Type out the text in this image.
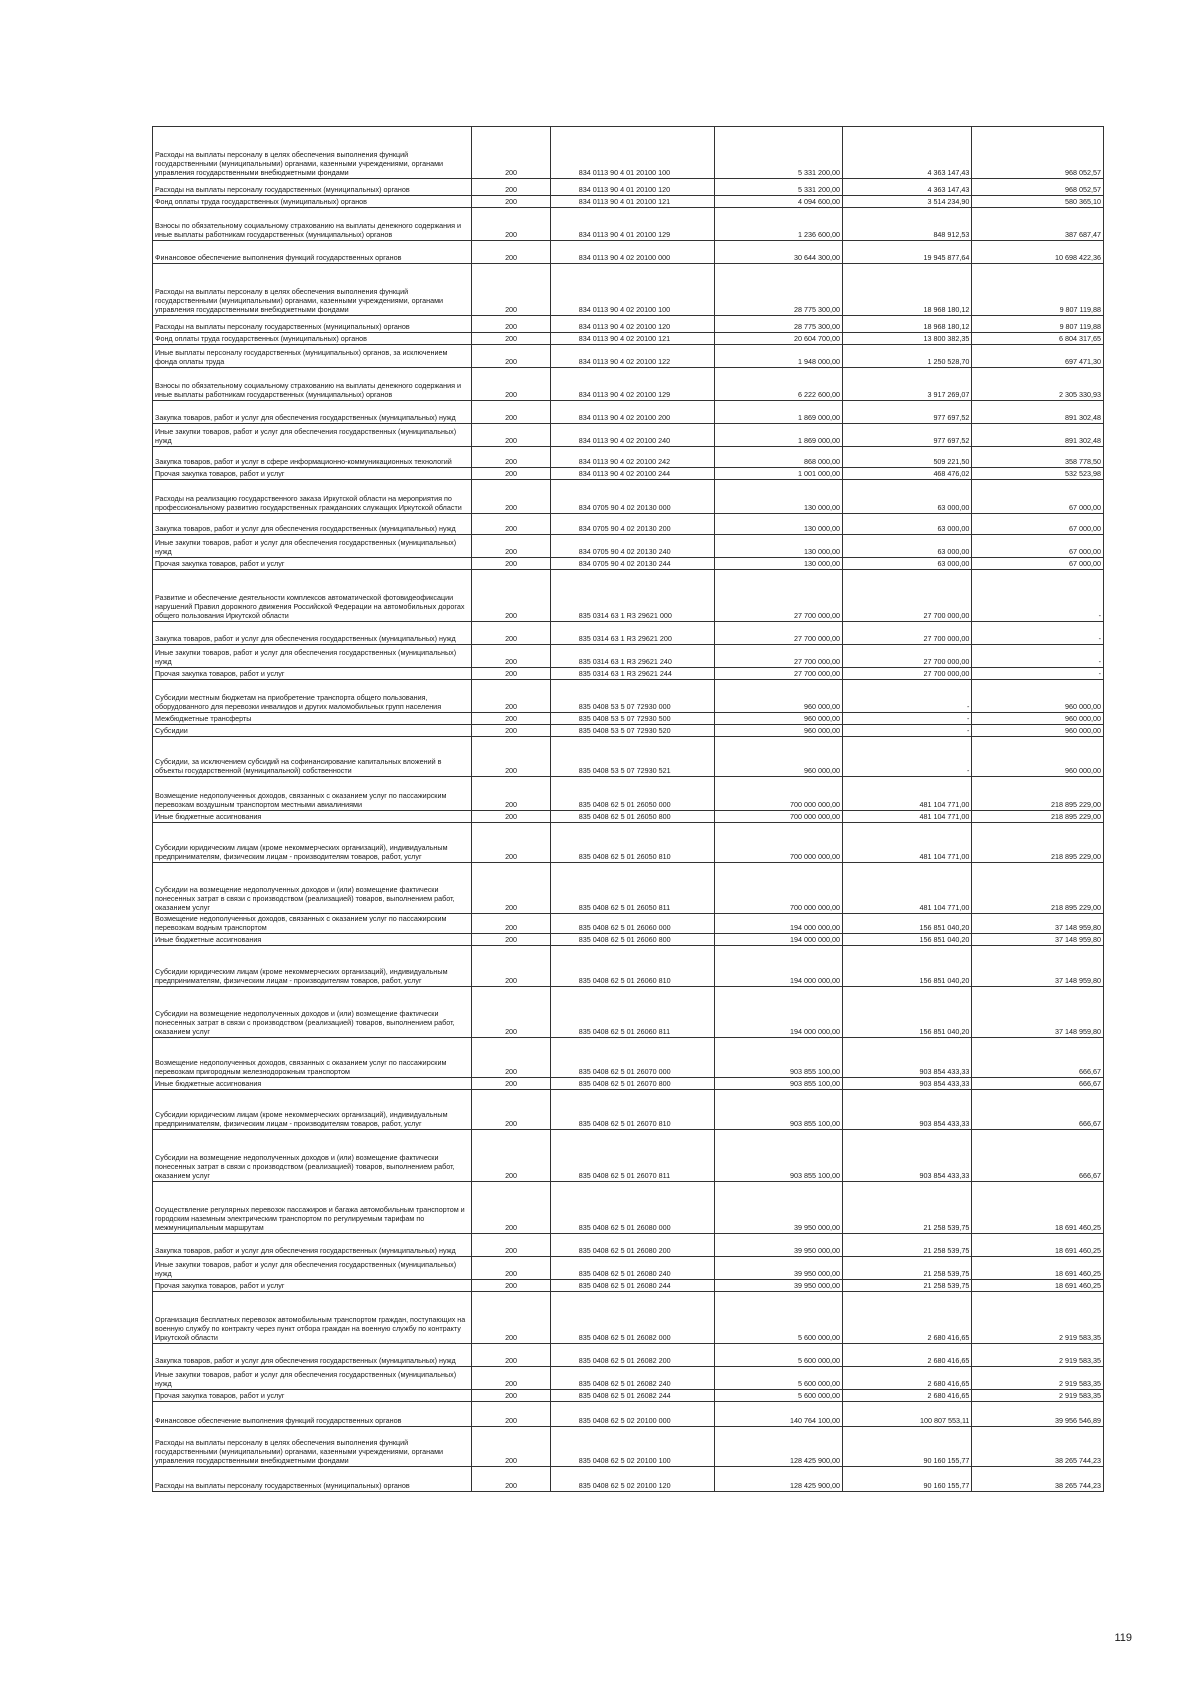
Расходы на выплаты персоналу в целях обеспечения выполнения функций государственными (муниципальными) органами, казенными учреждениями, органами управления государственными внебюджетными фондами	200	834 0113 90 4 01 20100 100	5 331 200,00	4 363 147,43	968 052,57
Расходы на выплаты персоналу государственных (муниципальных) органов	200	834 0113 90 4 01 20100 120	5 331 200,00	4 363 147,43	968 052,57
Фонд оплаты труда государственных (муниципальных) органов	200	834 0113 90 4 01 20100 121	4 094 600,00	3 514 234,90	580 365,10
Взносы по обязательному социальному страхованию на выплаты денежного содержания и иные выплаты работникам государственных (муниципальных) органов	200	834 0113 90 4 01 20100 129	1 236 600,00	848 912,53	387 687,47
Финансовое обеспечение выполнения функций государственных органов	200	834 0113 90 4 02 20100 000	30 644 300,00	19 945 877,64	10 698 422,36
Расходы на выплаты персоналу в целях обеспечения выполнения функций государственными (муниципальными) органами, казенными учреждениями, органами управления государственными внебюджетными фондами	200	834 0113 90 4 02 20100 100	28 775 300,00	18 968 180,12	9 807 119,88
Расходы на выплаты персоналу государственных (муниципальных) органов	200	834 0113 90 4 02 20100 120	28 775 300,00	18 968 180,12	9 807 119,88
Фонд оплаты труда государственных (муниципальных) органов	200	834 0113 90 4 02 20100 121	20 604 700,00	13 800 382,35	6 804 317,65
Иные выплаты персоналу государственных (муниципальных) органов, за исключением фонда оплаты труда	200	834 0113 90 4 02 20100 122	1 948 000,00	1 250 528,70	697 471,30
Взносы по обязательному социальному страхованию на выплаты денежного содержания и иные выплаты работникам государственных (муниципальных) органов	200	834 0113 90 4 02 20100 129	6 222 600,00	3 917 269,07	2 305 330,93
Закупка товаров, работ и услуг для обеспечения государственных (муниципальных) нужд	200	834 0113 90 4 02 20100 200	1 869 000,00	977 697,52	891 302,48
Иные закупки товаров, работ и услуг для обеспечения государственных (муниципальных) нужд	200	834 0113 90 4 02 20100 240	1 869 000,00	977 697,52	891 302,48
Закупка товаров, работ и услуг в сфере информационно-коммуникационных технологий	200	834 0113 90 4 02 20100 242	868 000,00	509 221,50	358 778,50
Прочая закупка товаров, работ и услуг	200	834 0113 90 4 02 20100 244	1 001 000,00	468 476,02	532 523,98
Расходы на реализацию государственного заказа Иркутской области на мероприятия по профессиональному развитию государственных гражданских служащих Иркутской области	200	834 0705 90 4 02 20130 000	130 000,00	63 000,00	67 000,00
Закупка товаров, работ и услуг для обеспечения государственных (муниципальных) нужд	200	834 0705 90 4 02 20130 200	130 000,00	63 000,00	67 000,00
Иные закупки товаров, работ и услуг для обеспечения государственных (муниципальных) нужд	200	834 0705 90 4 02 20130 240	130 000,00	63 000,00	67 000,00
Прочая закупка товаров, работ и услуг	200	834 0705 90 4 02 20130 244	130 000,00	63 000,00	67 000,00
Развитие и обеспечение деятельности комплексов автоматической фотовидеофиксации нарушений Правил дорожного движения Российской Федерации на автомобильных дорогах общего пользования Иркутской области	200	835 0314 63 1 R3 29621 000	27 700 000,00	27 700 000,00	-
Закупка товаров, работ и услуг для обеспечения государственных (муниципальных) нужд	200	835 0314 63 1 R3 29621 200	27 700 000,00	27 700 000,00	-
Иные закупки товаров, работ и услуг для обеспечения государственных (муниципальных) нужд	200	835 0314 63 1 R3 29621 240	27 700 000,00	27 700 000,00	-
Прочая закупка товаров, работ и услуг	200	835 0314 63 1 R3 29621 244	27 700 000,00	27 700 000,00	-
Субсидии местным бюджетам на приобретение транспорта общего пользования, оборудованного для перевозки инвалидов и других маломобильных групп населения	200	835 0408 53 5 07 72930 000	960 000,00	-	960 000,00
Межбюджетные трансферты	200	835 0408 53 5 07 72930 500	960 000,00	-	960 000,00
Субсидии	200	835 0408 53 5 07 72930 520	960 000,00	-	960 000,00
Субсидии, за исключением субсидий на софинансирование капитальных вложений в объекты государственной (муниципальной) собственности	200	835 0408 53 5 07 72930 521	960 000,00	-	960 000,00
Возмещение недополученных доходов, связанных с оказанием услуг по пассажирским перевозкам воздушным транспортом местными авиалиниями	200	835 0408 62 5 01 26050 000	700 000 000,00	481 104 771,00	218 895 229,00
Иные бюджетные ассигнования	200	835 0408 62 5 01 26050 800	700 000 000,00	481 104 771,00	218 895 229,00
Субсидии юридическим лицам (кроме некоммерческих организаций), индивидуальным предпринимателям, физическим лицам - производителям товаров, работ, услуг	200	835 0408 62 5 01 26050 810	700 000 000,00	481 104 771,00	218 895 229,00
Субсидии на возмещение недополученных доходов и (или) возмещение фактически понесенных затрат в связи с производством (реализацией) товаров, выполнением работ, оказанием услуг	200	835 0408 62 5 01 26050 811	700 000 000,00	481 104 771,00	218 895 229,00
Возмещение недополученных доходов, связанных с оказанием услуг по пассажирским перевозкам водным транспортом	200	835 0408 62 5 01 26060 000	194 000 000,00	156 851 040,20	37 148 959,80
Иные бюджетные ассигнования	200	835 0408 62 5 01 26060 800	194 000 000,00	156 851 040,20	37 148 959,80
Субсидии юридическим лицам (кроме некоммерческих организаций), индивидуальным предпринимателям, физическим лицам - производителям товаров, работ, услуг	200	835 0408 62 5 01 26060 810	194 000 000,00	156 851 040,20	37 148 959,80
Субсидии на возмещение недополученных доходов и (или) возмещение фактически понесенных затрат в связи с производством (реализацией) товаров, выполнением работ, оказанием услуг	200	835 0408 62 5 01 26060 811	194 000 000,00	156 851 040,20	37 148 959,80
Возмещение недополученных доходов, связанных с оказанием услуг по пассажирским перевозкам пригородным железнодорожным транспортом	200	835 0408 62 5 01 26070 000	903 855 100,00	903 854 433,33	666,67
Иные бюджетные ассигнования	200	835 0408 62 5 01 26070 800	903 855 100,00	903 854 433,33	666,67
Субсидии юридическим лицам (кроме некоммерческих организаций), индивидуальным предпринимателям, физическим лицам - производителям товаров, работ, услуг	200	835 0408 62 5 01 26070 810	903 855 100,00	903 854 433,33	666,67
Субсидии на возмещение недополученных доходов и (или) возмещение фактически понесенных затрат в связи с производством (реализацией) товаров, выполнением работ, оказанием услуг	200	835 0408 62 5 01 26070 811	903 855 100,00	903 854 433,33	666,67
Осуществление регулярных перевозок пассажиров и багажа автомобильным транспортом и городским наземным электрическим транспортом по регулируемым тарифам по межмуниципальным маршрутам	200	835 0408 62 5 01 26080 000	39 950 000,00	21 258 539,75	18 691 460,25
Закупка товаров, работ и услуг для обеспечения государственных (муниципальных) нужд	200	835 0408 62 5 01 26080 200	39 950 000,00	21 258 539,75	18 691 460,25
Иные закупки товаров, работ и услуг для обеспечения государственных (муниципальных) нужд	200	835 0408 62 5 01 26080 240	39 950 000,00	21 258 539,75	18 691 460,25
Прочая закупка товаров, работ и услуг	200	835 0408 62 5 01 26080 244	39 950 000,00	21 258 539,75	18 691 460,25
Организация бесплатных перевозок автомобильным транспортом граждан, поступающих на военную службу по контракту через пункт отбора граждан на военную службу по контракту Иркутской области	200	835 0408 62 5 01 26082 000	5 600 000,00	2 680 416,65	2 919 583,35
Закупка товаров, работ и услуг для обеспечения государственных (муниципальных) нужд	200	835 0408 62 5 01 26082 200	5 600 000,00	2 680 416,65	2 919 583,35
Иные закупки товаров, работ и услуг для обеспечения государственных (муниципальных) нужд	200	835 0408 62 5 01 26082 240	5 600 000,00	2 680 416,65	2 919 583,35
Прочая закупка товаров, работ и услуг	200	835 0408 62 5 01 26082 244	5 600 000,00	2 680 416,65	2 919 583,35
Финансовое обеспечение выполнения функций государственных органов	200	835 0408 62 5 02 20100 000	140 764 100,00	100 807 553,11	39 956 546,89
Расходы на выплаты персоналу в целях обеспечения выполнения функций государственными (муниципальными) органами, казенными учреждениями, органами управления государственными внебюджетными фондами	200	835 0408 62 5 02 20100 100	128 425 900,00	90 160 155,77	38 265 744,23
Расходы на выплаты персоналу государственных (муниципальных) органов	200	835 0408 62 5 02 20100 120	128 425 900,00	90 160 155,77	38 265 744,23
119
